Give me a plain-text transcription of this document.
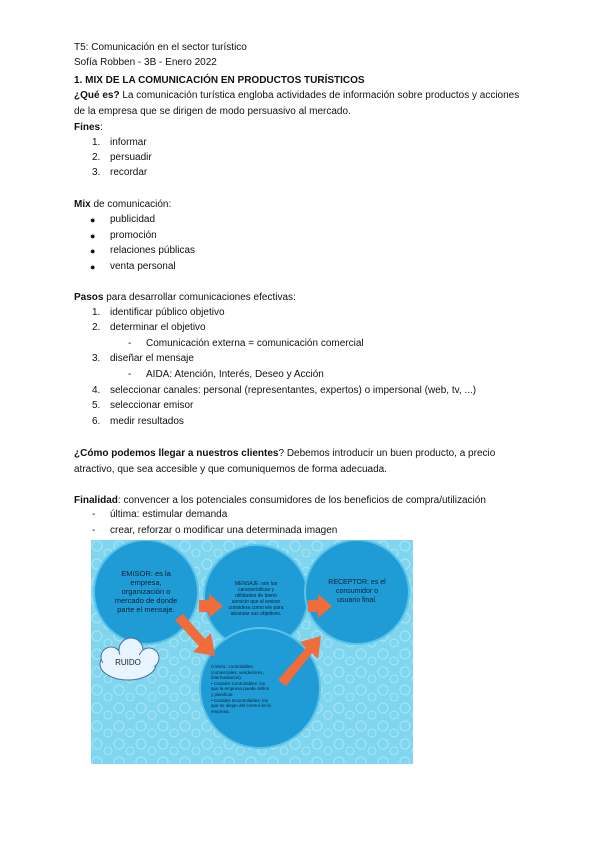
T5: Comunicación en el sector turístico
Sofía Robben - 3B - Enero 2022
1. MIX DE LA COMUNICACIÓN EN PRODUCTOS TURÍSTICOS
¿Qué es? La comunicación turística engloba actividades de información sobre productos y acciones
de la empresa que se dirigen de modo persuasivo al mercado.
Fines:
1. informar
2. persuadir
3. recordar
Mix de comunicación:
● publicidad
● promoción
● relaciones públicas
● venta personal
Pasos para desarrollar comunicaciones efectivas:
1. identificar público objetivo
2. determinar el objetivo
- Comunicación externa = comunicación comercial
3. diseñar el mensaje
- AIDA: Atención, Interés, Deseo y Acción
4. seleccionar canales: personal (representantes, expertos) o impersonal (web, tv, ...)
5. seleccionar emisor
6. medir resultados
¿Cómo podemos llegar a nuestros clientes? Debemos introducir un buen producto, a precio
atractivo, que sea accesible y que comuniquemos de forma adecuada.
Finalidad: convencer a los potenciales consumidores de los beneficios de compra/utilización
- última: estimular demanda
- crear, reforzar o modificar una determinada imagen
EMISOR: es la
empresa,
organización o
mercado de donde
parte el mensaje.
MENSAJE: son los
características y
utilidades de bieno
servicio que el emisor
considera como e/e para
alcanzar sus objetivos.
RECEPTOR: es el
consumidor o
usuario final.
RUIDO	CANAL: controlables
(comerciales, vendedores,
intermediarios).
• Canales Controlables: los
que la empresa puede definir
y planificar.
• Canales Incontrolables: los
que se alejan del control de la
empresa.
